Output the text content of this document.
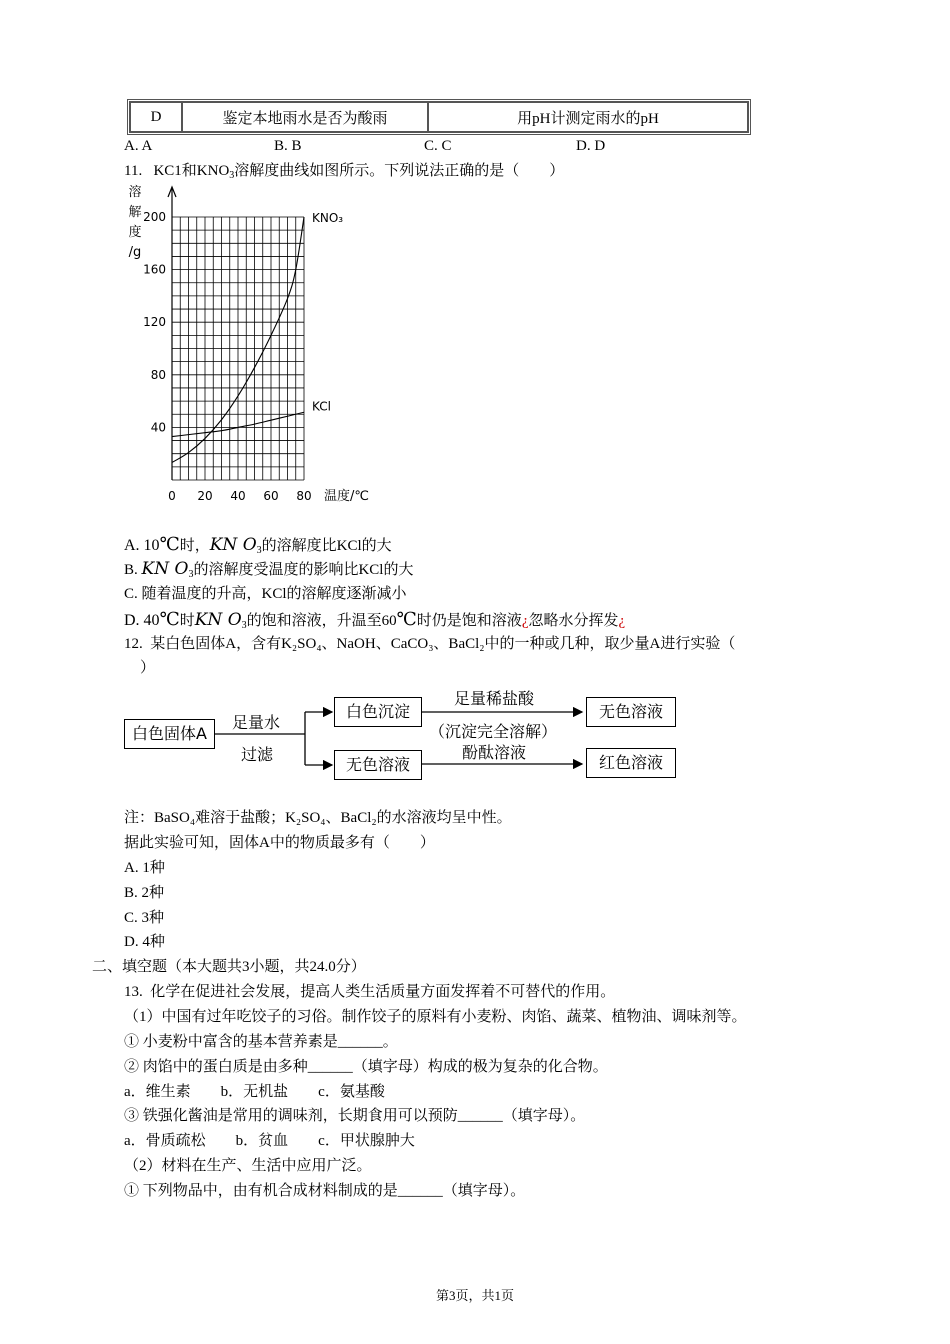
D	鉴定本地雨水是否为酸雨	用pH计测定雨水的pH
A. A	B. B	C. C	D. D
11. KC1和$KNO_3$溶解度曲线如图所示。下列说法正确的是（　　）
溶
解
度
/g
40
80
120
160
200
0 20 40 60 80
KNO₃
KCl
温度/℃
A. 10℃时，KN $O_3$的溶解度比KCl的大
B. KN $O_3$的溶解度受温度的影响比KCl的大
C. 随着温度的升高，KCl的溶解度逐渐减小
D. 40℃时KN $O_3$的饱和溶液，升温至60℃时仍是饱和溶液¿忽略水分挥发¿
12. 某白色固体A，含有K₂SO₄、NaOH、CaCO₃、BaCl₂中的一种或几种，取少量A进行实验（
）
白色固体A
足量水
过滤
白色沉淀
足量稀盐酸
（沉淀完全溶解）
无色溶液
无色溶液
酚酞溶液
红色溶液
注：BaSO₄难溶于盐酸；K₂SO₄、BaCl₂的水溶液均呈中性。
据此实验可知，固体A中的物质最多有（　　）
A. 1种
B. 2种
C. 3种
D. 4种
二、填空题（本大题共3小题，共24.0分）
13. 化学在促进社会发展，提高人类生活质量方面发挥着不可替代的作用。
（1）中国有过年吃饺子的习俗。制作饺子的原料有小麦粉、肉馅、蔬菜、植物油、调味剂等。
① 小麦粉中富含的基本营养素是______。
② 肉馅中的蛋白质是由多种______（填字母）构成的极为复杂的化合物。
a．维生素　　b．无机盐　　c．氨基酸
③ 铁强化酱油是常用的调味剂，长期食用可以预防______（填字母）。
a．骨质疏松　　b．贫血　　c．甲状腺肿大
（2）材料在生产、生活中应用广泛。
① 下列物品中，由有机合成材料制成的是______（填字母）。
第3页，共1页
